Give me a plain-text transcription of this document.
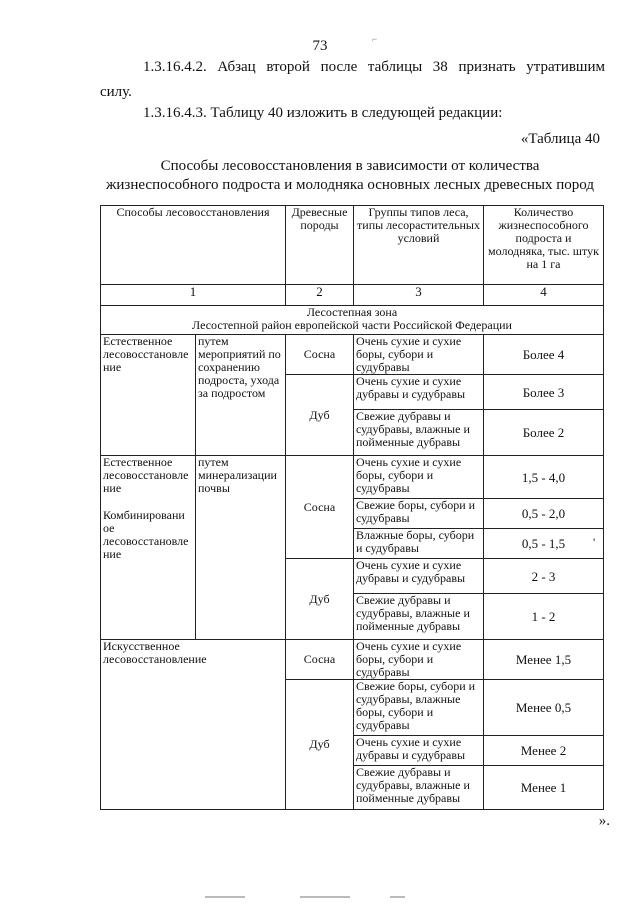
73	⌐
1.3.16.4.2. Абзац второй после таблицы 38 признать утратившим
силу.
1.3.16.4.3. Таблицу 40 изложить в следующей редакции:
«Таблица 40
Способы лесовосстановления в зависимости от количества
жизнеспособного подроста и молодняка основных лесных древесных пород
Способы лесовосстановления		Древесные породы	Группы типов леса, типы лесорастительных условий	Количество жизнеспособного подроста и молодняка, тыс. штук на 1 га
1		2	3	4

Лесостепная зона
Лесостепной район европейской части Российской Федерации				

Естественное лесовосстановле ние	путем мероприятий по сохранению подроста, ухода за подростом	Сосна	Очень сухие и сухие боры, субори и судубравы	Более 4
		Дуб	Очень сухие и сухие дубравы и судубравы	Более 3
			Свежие дубравы и судубравы, влажные и пойменные дубравы	Более 2

Естественное лесовосстановле ние
Комбинировани ое лесовосстановле ние	путем минерализации почвы	Сосна	Очень сухие и сухие боры, субори и судубравы	1,5 - 4,0
			Свежие боры, субори и судубравы	0,5 - 2,0
			Влажные боры, субори и судубравы	0,5 - 1,5
		Дуб	Очень сухие и сухие дубравы и судубравы	2 - 3
			Свежие дубравы и судубравы, влажные и пойменные дубравы	1 - 2
Искусственное лесовосстановление		Сосна	Очень сухие и сухие боры, субори и судубравы	Менее 1,5
		Дуб	Свежие боры, субори и судубравы, влажные боры, субори и судубравы	Менее 0,5
			Очень сухие и сухие дубравы и судубравы	Менее 2
			Свежие дубравы и судубравы, влажные и пойменные дубравы	Менее 1
'
».
